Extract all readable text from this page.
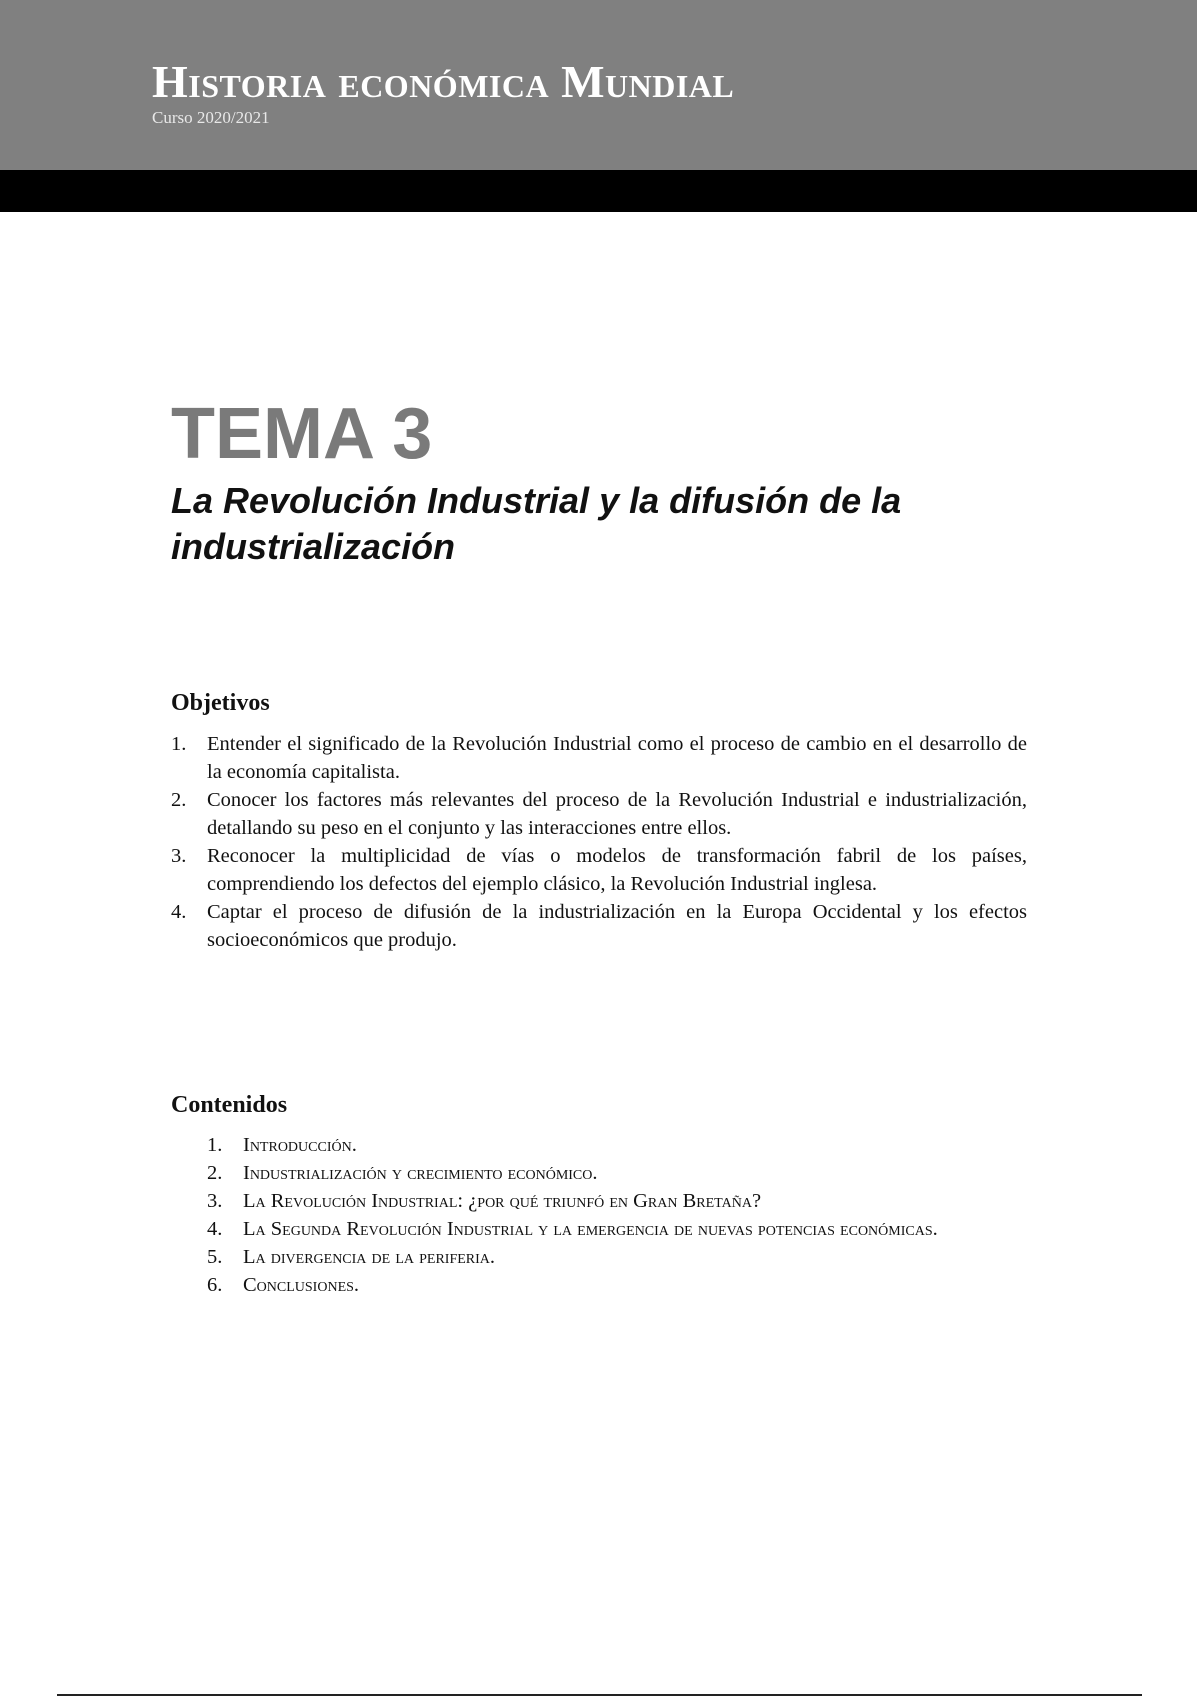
Historia económica Mundial
Curso 2020/2021
TEMA 3
La Revolución Industrial y la difusión de la industrialización
Objetivos
1. Entender el significado de la Revolución Industrial como el proceso de cambio en el desarrollo de la economía capitalista.
2. Conocer los factores más relevantes del proceso de la Revolución Industrial e industrialización, detallando su peso en el conjunto y las interacciones entre ellos.
3. Reconocer la multiplicidad de vías o modelos de transformación fabril de los países, comprendiendo los defectos del ejemplo clásico, la Revolución Industrial inglesa.
4. Captar el proceso de difusión de la industrialización en la Europa Occidental y los efectos socioeconómicos que produjo.
Contenidos
1. Introducción.
2. Industrialización y crecimiento económico.
3. La Revolución Industrial: ¿por qué triunfó en Gran Bretaña?
4. La Segunda Revolución Industrial y la emergencia de nuevas potencias económicas.
5. La divergencia de la periferia.
6. Conclusiones.
